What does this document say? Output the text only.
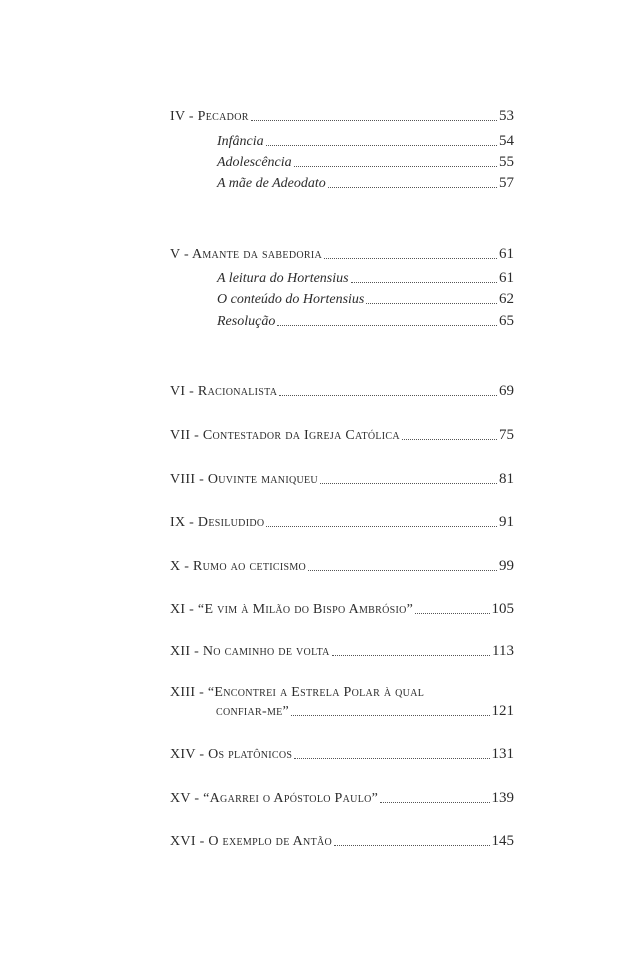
IV - Pecador	53
Infância	54
Adolescência	55
A mãe de Adeodato	57
V - Amante da sabedoria	61
A leitura do Hortensius	61
O conteúdo do Hortensius	62
Resolução	65
VI - Racionalista	69
VII - Contestador da Igreja Católica	75
VIII - Ouvinte maniqueu	81
IX - Desiludido	91
X - Rumo ao ceticismo	99
XI - “E vim à Milão do Bispo Ambrósio”	105
XII - No caminho de volta	113
XIII - “Encontrei a Estrela Polar à qual
confiar-me”	121
XIV - Os platônicos	131
XV - “Agarrei o Apóstolo Paulo”	139
XVI - O exemplo de Antão	145
